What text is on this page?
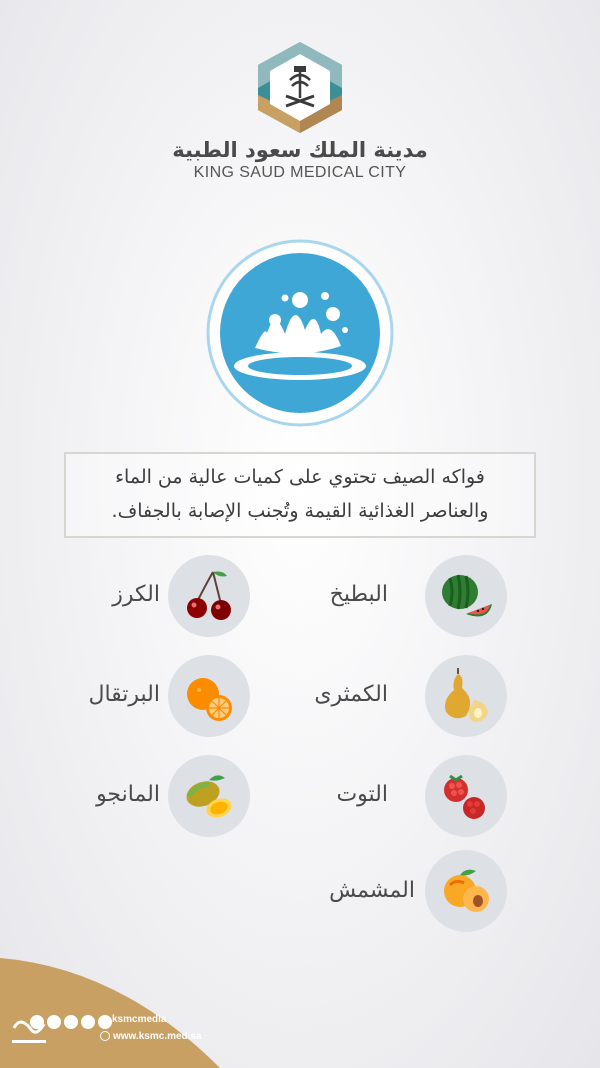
مدينة الملك سعود الطبية
KING SAUD MEDICAL CITY
فواكه الصيف تحتوي على كميات عالية من الماء
والعناصر الغذائية القيمة وتُجنب الإصابة بالجفاف.
البطيخ
الكمثرى
التوت
المشمش
الكرز
البرتقال
المانجو
ksmcmedia
www.ksmc.med.sa
